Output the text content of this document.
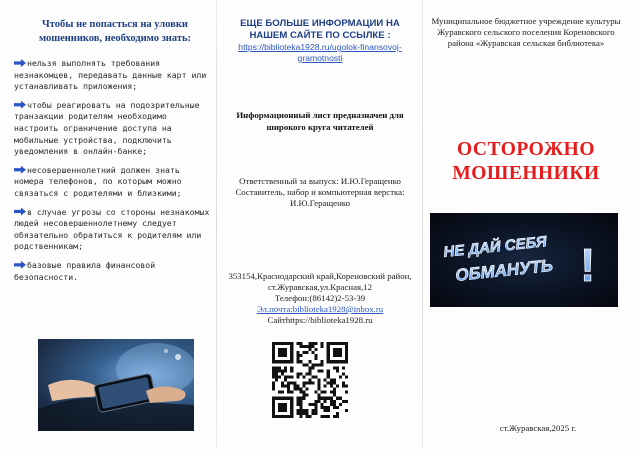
Чтобы не попасться на уловки мошенников, необходимо знать:

нельзя выполнять требования незнакомцев, передавать данные карт или устанавливать приложения;

чтобы реагировать на подозрительные транзакции родителям необходимо настроить ограничение доступа на мобильные устройства, подключить уведомления в онлайн-банке;

несовершеннолетний должен знать номера телефонов, по которым можно связаться с родителями и близкими;

в случае угрозы со стороны незнакомых людей несовершеннолетнему следует обязательно обратиться к родителям или родственникам;

базовые правила финансовой безопасности.

ЕЩЕ БОЛЬШЕ ИНФОРМАЦИИ НА НАШЕМ САЙТЕ ПО ССЫЛКЕ :
https://biblioteka1928.ru/ugolok-finansovoj-gramotnosti
Информационный лист предназначен для широкого круга читателей
Ответственный за выпуск: И.Ю.Геращенко
Составитель, набор и компьютерная верстка: И.Ю.Геращенко
353154,Краснодарский край,Кореновский район, ст.Журавская,ул.Красная,12
Телефон:(86142)2-53-39
Эл.почта:biblioteka1928@inbox.ru
Сайтhttps://biblioteka1928.ru
Муниципальное бюджетное учреждение культуры Журавского сельского поселения Кореновского района «Журавская сельская библиотека»
ОСТОРОЖНО
МОШЕННИКИ
НЕ ДАЙ СЕБЯ
ОБМАНУТЬ !
ст.Журавская,2025 г.
